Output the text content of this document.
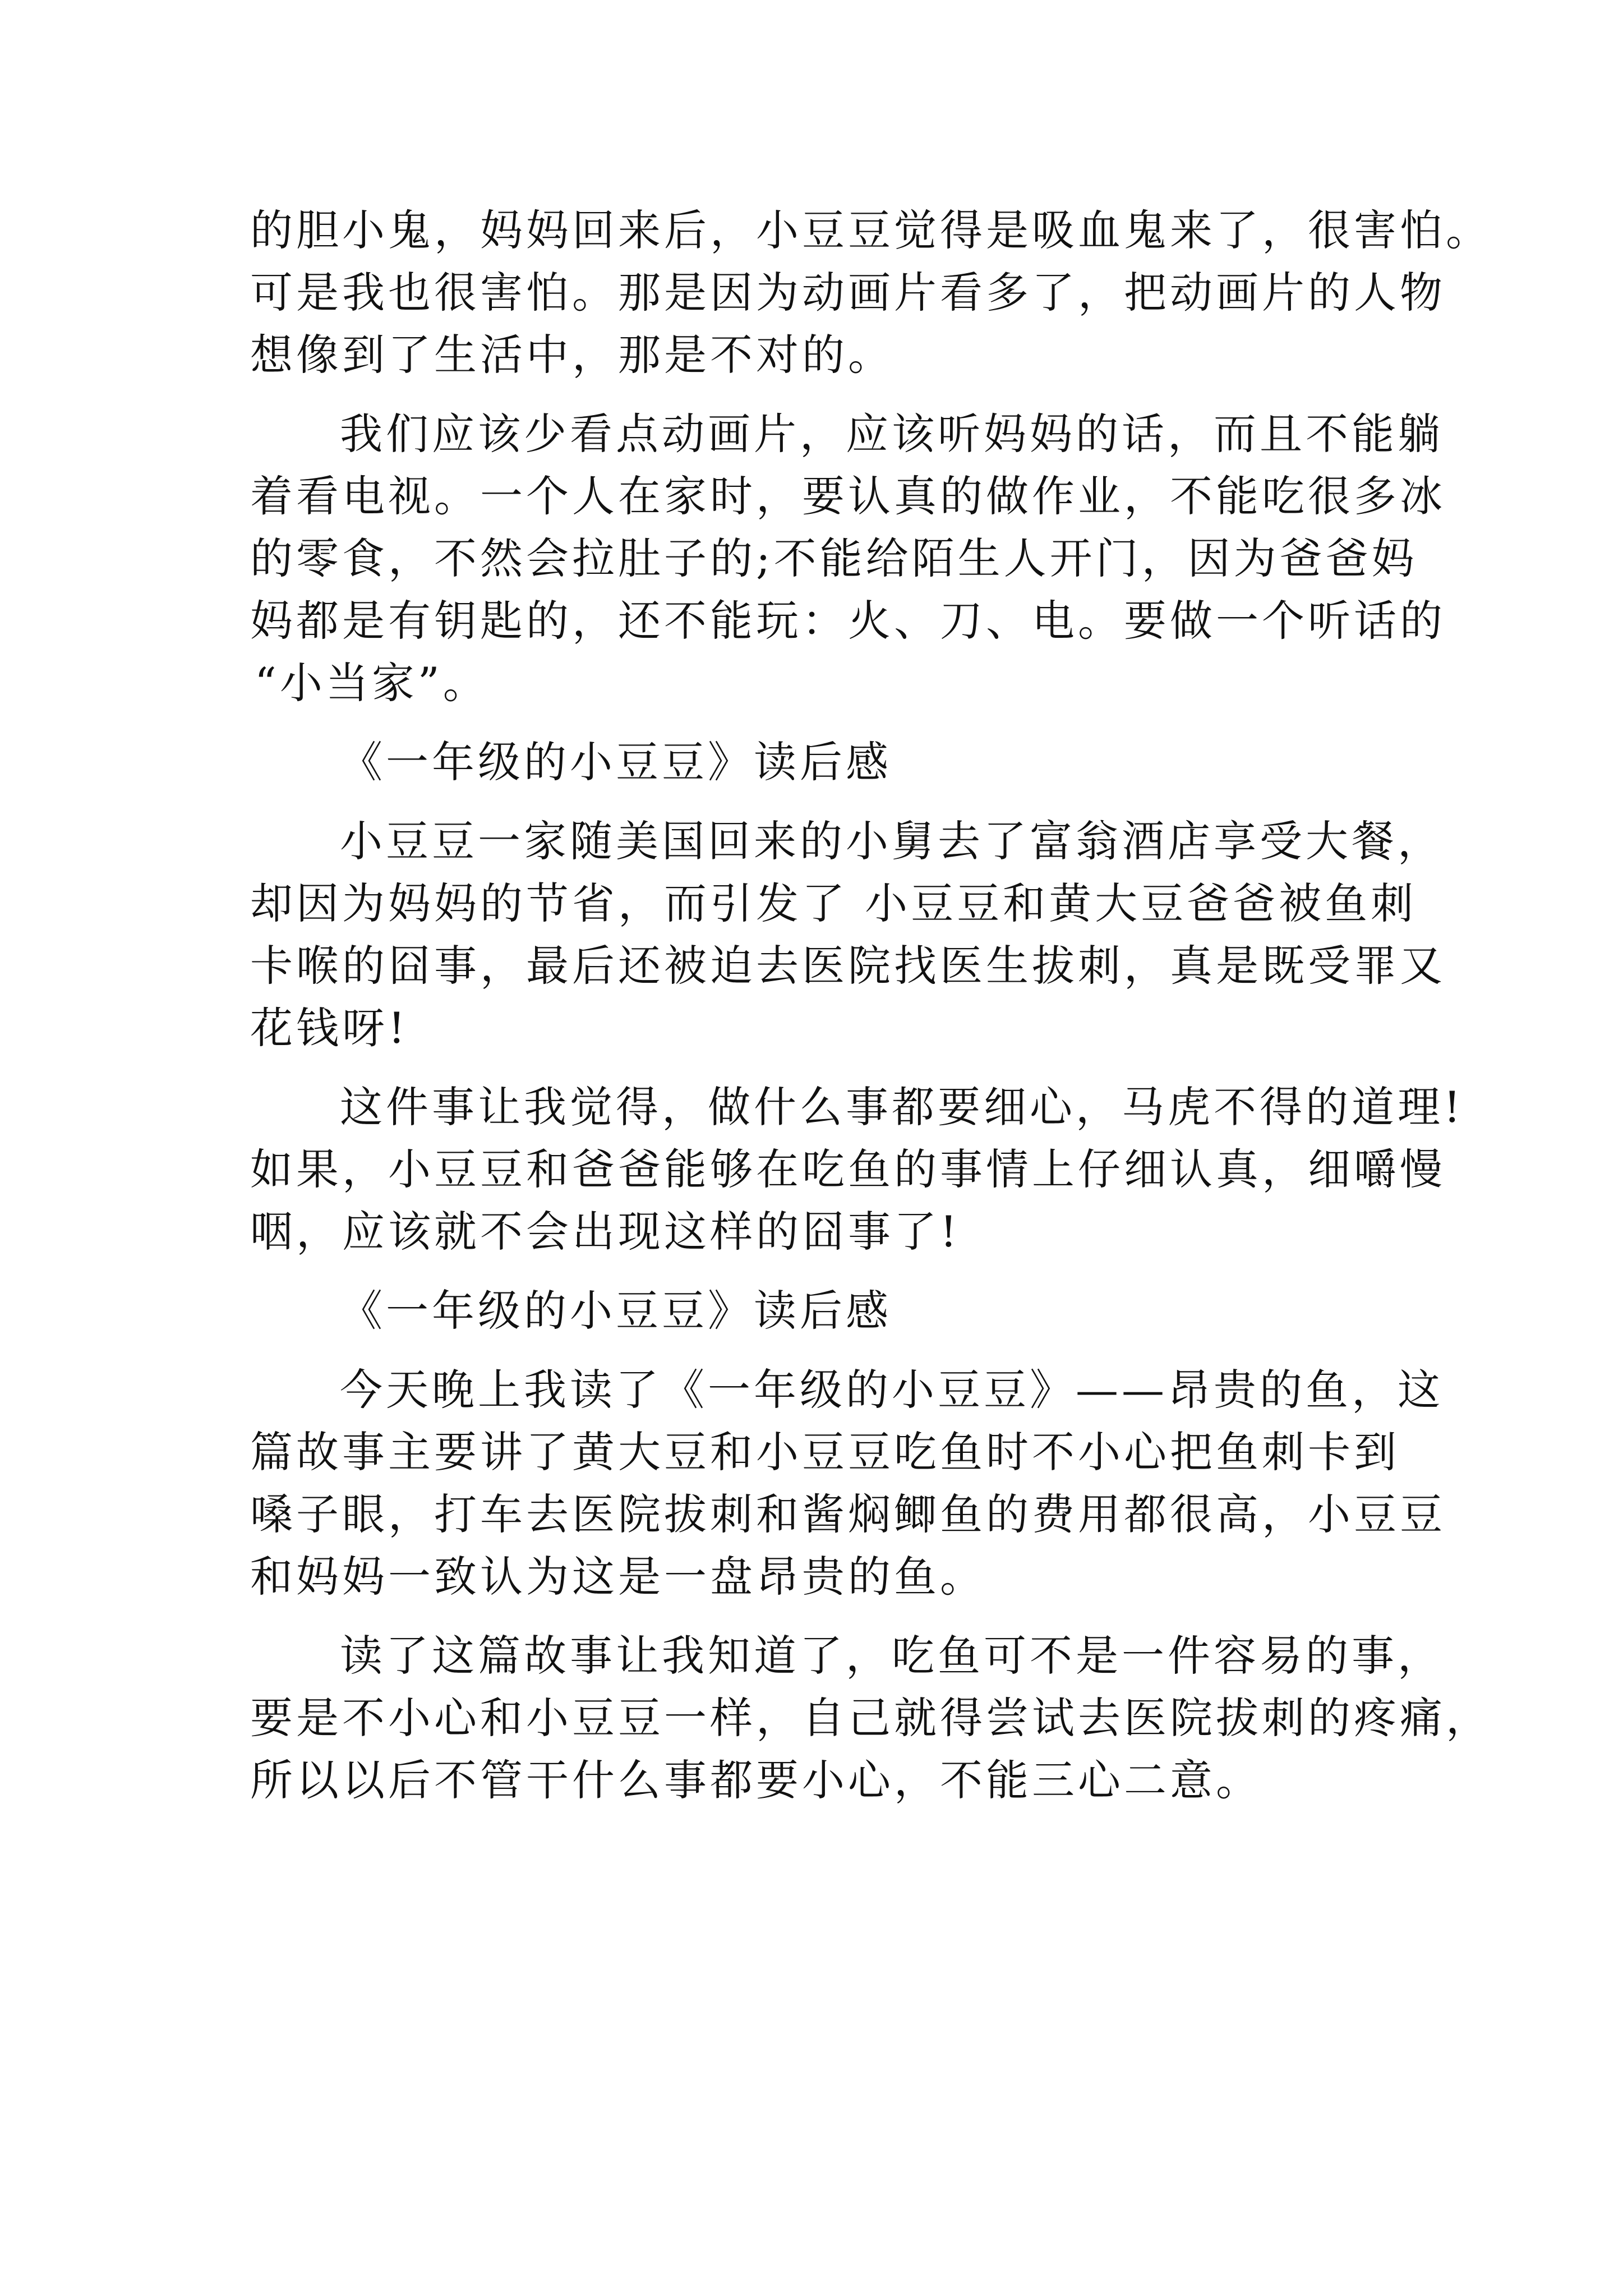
的胆小鬼，妈妈回来后，小豆豆觉得是吸血鬼来了，很害怕。
可是我也很害怕。那是因为动画片看多了，把动画片的人物
想像到了生活中，那是不对的。
我们应该少看点动画片，应该听妈妈的话，而且不能躺
着看电视。一个人在家时，要认真的做作业，不能吃很多冰
的零食，不然会拉肚子的;不能给陌生人开门，因为爸爸妈
妈都是有钥匙的，还不能玩：火、刀、电。要做一个听话的
“小当家”。
《一年级的小豆豆》读后感
小豆豆一家随美国回来的小舅去了富翁酒店享受大餐，
却因为妈妈的节省，而引发了 小豆豆和黄大豆爸爸被鱼刺
卡喉的囧事，最后还被迫去医院找医生拔刺，真是既受罪又
花钱呀!
这件事让我觉得，做什么事都要细心，马虎不得的道理!
如果，小豆豆和爸爸能够在吃鱼的事情上仔细认真，细嚼慢
咽，应该就不会出现这样的囧事了!
《一年级的小豆豆》读后感
今天晚上我读了《一年级的小豆豆》——昂贵的鱼，这
篇故事主要讲了黄大豆和小豆豆吃鱼时不小心把鱼刺卡到
嗓子眼，打车去医院拔刺和酱焖鲫鱼的费用都很高，小豆豆
和妈妈一致认为这是一盘昂贵的鱼。
读了这篇故事让我知道了，吃鱼可不是一件容易的事，
要是不小心和小豆豆一样，自己就得尝试去医院拔刺的疼痛，
所以以后不管干什么事都要小心，不能三心二意。
